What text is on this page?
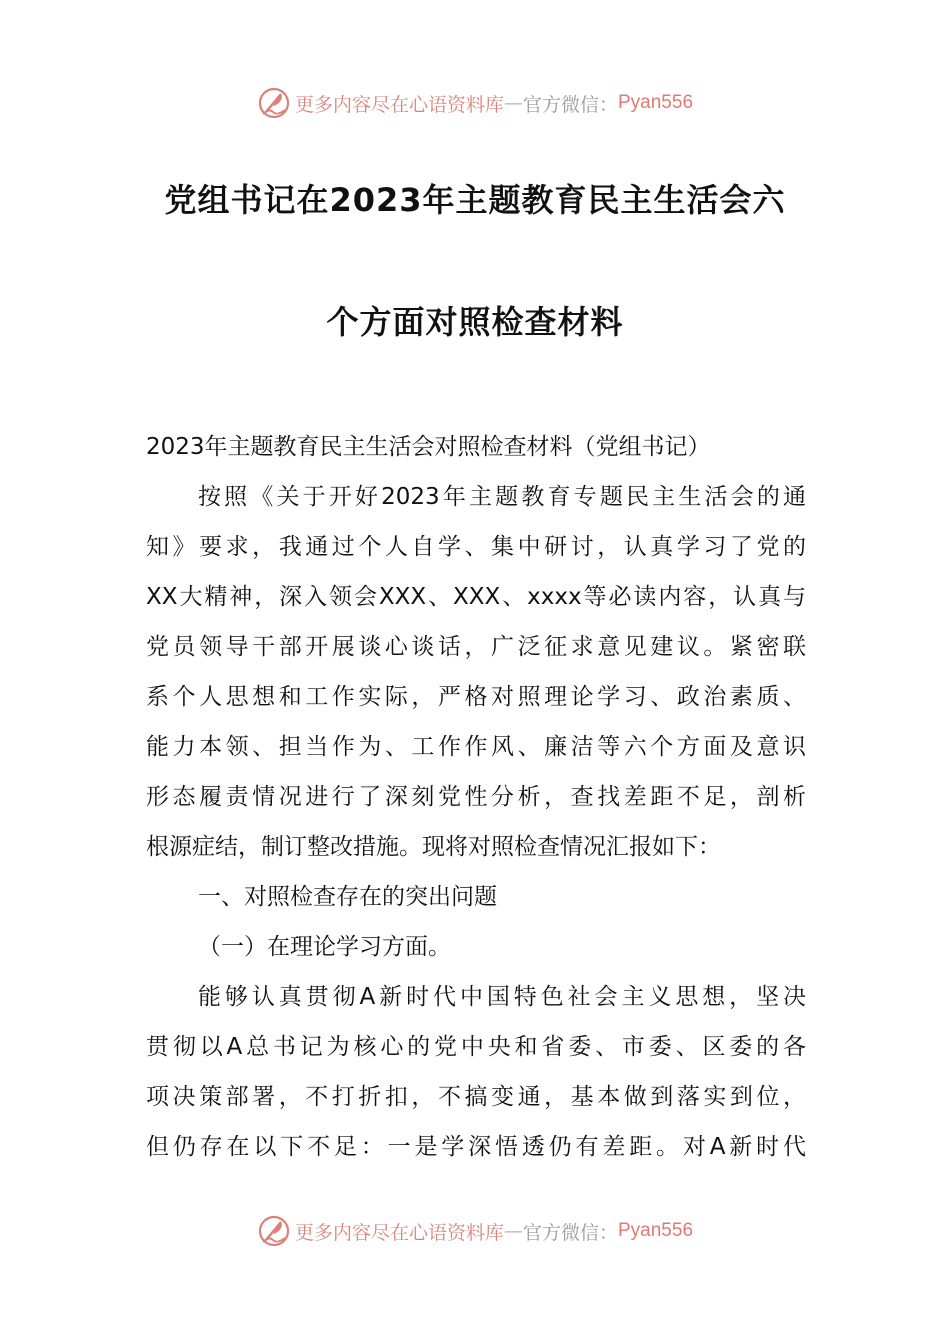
更多内容尽在心语资料库 — 官方微信： Pyan556
党组书记在2023年主题教育民主生活会六
个方面对照检查材料
2023年主题教育民主生活会对照检查材料（党组书记）
按照《关于开好2023年主题教育专题民主生活会的通
知》要求，我通过个人自学、集中研讨，认真学习了党的
XX大精神，深入领会XXX、XXX、xxxx等必读内容，认真与
党员领导干部开展谈心谈话，广泛征求意见建议。紧密联
系个人思想和工作实际，严格对照理论学习、政治素质、
能力本领、担当作为、工作作风、廉洁等六个方面及意识
形态履责情况进行了深刻党性分析，查找差距不足，剖析
根源症结，制订整改措施。现将对照检查情况汇报如下：
一、对照检查存在的突出问题
（一）在理论学习方面。
能够认真贯彻A新时代中国特色社会主义思想，坚决
贯彻以A总书记为核心的党中央和省委、市委、区委的各
项决策部署，不打折扣，不搞变通，基本做到落实到位，
但仍存在以下不足：一是学深悟透仍有差距。对A新时代
更多内容尽在心语资料库 — 官方微信： Pyan556
